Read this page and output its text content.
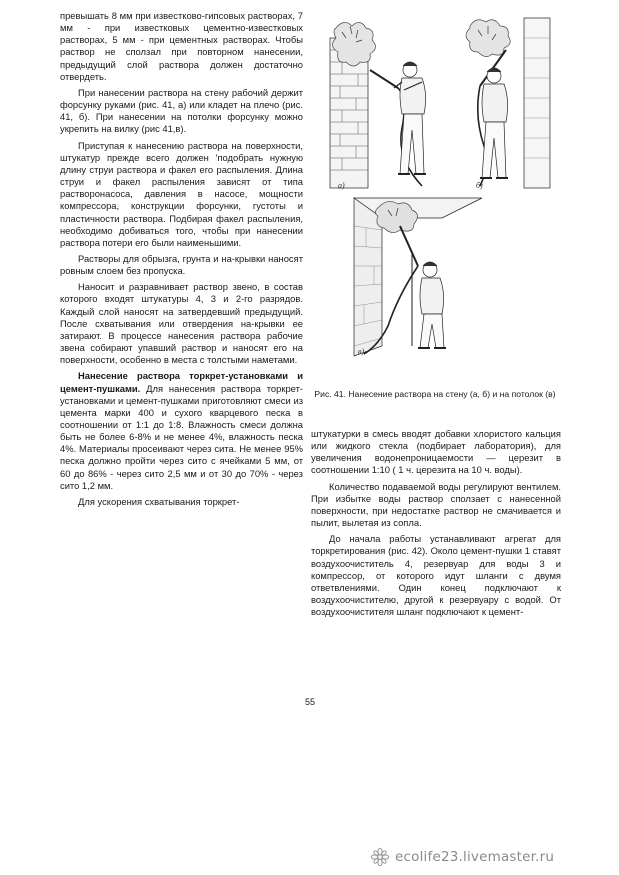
превышать 8 мм при известково-гипсовых растворах, 7 мм - при известковых цементно-известковых растворах, 5 мм - при цементных растворах. Чтобы раствор не сползал при повторном нанесении, предыдущий слой раствора должен достаточно отвердеть.

При нанесении раствора на стену рабочий держит форсунку руками (рис. 41, а) или кладет на плечо (рис. 41, б). При нанесении на потолки форсунку можно укрепить на вилку (рис 41,в).

Приступая к нанесению раствора на поверхности, штукатур прежде всего должен 'подобрать нужную длину струи раствора и факел его распыления. Длина струи и факел распыления зависят от типа растворонасоса, давления в насосе, мощности компрессора, конструкции форсунки, густоты и пластичности раствора. Подбирая факел распыления, необходимо добиваться того, чтобы при нанесении раствора потери его были наименьшими.

Растворы для обрызга, грунта и на-крывки наносят ровным слоем без пропуска.

Наносит и разравнивает раствор звено, в состав которого входят штукатуры 4, 3 и 2-го разрядов. Каждый слой наносят на затвердевший предыдущий. После схватывания или отвердения на-крывки ее затирают. В процессе нанесения раствора рабочие звена собирают упавший раствор и наносят его на поверхности, особенно в места с толстыми наметами.

Нанесение раствора торкрет-установками и цемент-пушками. Для нанесения раствора торкрет-установками и цемент-пушками приготовляют смеси из цемента марки 400 и сухого кварцевого песка в соотношении от 1:1 до 1:8. Влажность смеси должна быть не более 6-8% и не менее 4%, влажность песка 4%. Материалы просеивают через сита. Не менее 95% песка должно пройти через сито с ячейками 5 мм, от 60 до 86% - через сито 2,5 мм и от 30 до 70% - через сито 1,2 мм.

Для ускорения схватывания торкрет-

а)	б)
в)
Рис. 41. Нанесение раствора на стену (а, б) и на потолок (в)

штукатурки в смесь вводят добавки хлористого кальция или жидкого стекла (подбирает лаборатория), для увеличения водонепроницаемости — церезит в соотношении 1:10 ( 1 ч. церезита на 10 ч. воды).

Количество подаваемой воды регулируют вентилем. При избытке воды раствор сползает с нанесенной поверхности, при недостатке раствор не смачивается и пылит, вылетая из сопла.

До начала работы устанавливают агрегат для торкретирования (рис. 42). Около цемент-пушки 1 ставят воздухоочиститель 4, резервуар для воды 3 и компрессор, от которого идут шланги с двумя ответвлениями. Один конец подключают к воздухоочистителю, другой к резервуару с водой. От воздухоочистителя шланг подключают к цемент-

55
ecolife23.livemaster.ru
